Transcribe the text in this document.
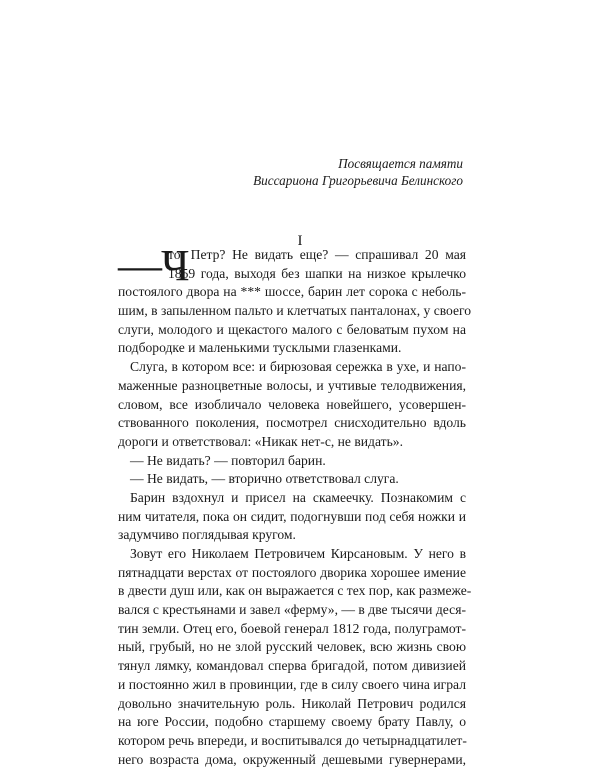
Посвящается памяти
Виссариона Григорьевича Белинского
I
—Ч
то, Петр? Не видать еще? — спрашивал 20 мая
1859 года, выходя без шапки на низкое крылечко
постоялого двора на *** шоссе, барин лет сорока с неболь-
шим, в запыленном пальто и клетчатых панталонах, у своего
слуги, молодого и щекастого малого с беловатым пухом на
подбородке и маленькими тусклыми глазенками.
Слуга, в котором все: и бирюзовая сережка в ухе, и напо-
маженные разноцветные волосы, и учтивые телодвижения,
словом, все изобличало человека новейшего, усовершен-
ствованного поколения, посмотрел снисходительно вдоль
дороги и ответствовал: «Никак нет-с, не видать».
— Не видать? — повторил барин.
— Не видать, — вторично ответствовал слуга.
Барин вздохнул и присел на скамеечку. Познакомим с
ним читателя, пока он сидит, подогнувши под себя ножки и
задумчиво поглядывая кругом.
Зовут его Николаем Петровичем Кирсановым. У него в
пятнадцати верстах от постоялого дворика хорошее имение
в двести душ или, как он выражается с тех пор, как размеже-
вался с крестьянами и завел «ферму», — в две тысячи деся-
тин земли. Отец его, боевой генерал 1812 года, полуграмот-
ный, грубый, но не злой русский человек, всю жизнь свою
тянул лямку, командовал сперва бригадой, потом дивизией
и постоянно жил в провинции, где в силу своего чина играл
довольно значительную роль. Николай Петрович родился
на юге России, подобно старшему своему брату Павлу, о
котором речь впереди, и воспитывался до четырнадцатилет-
него возраста дома, окруженный дешевыми гувернерами,
